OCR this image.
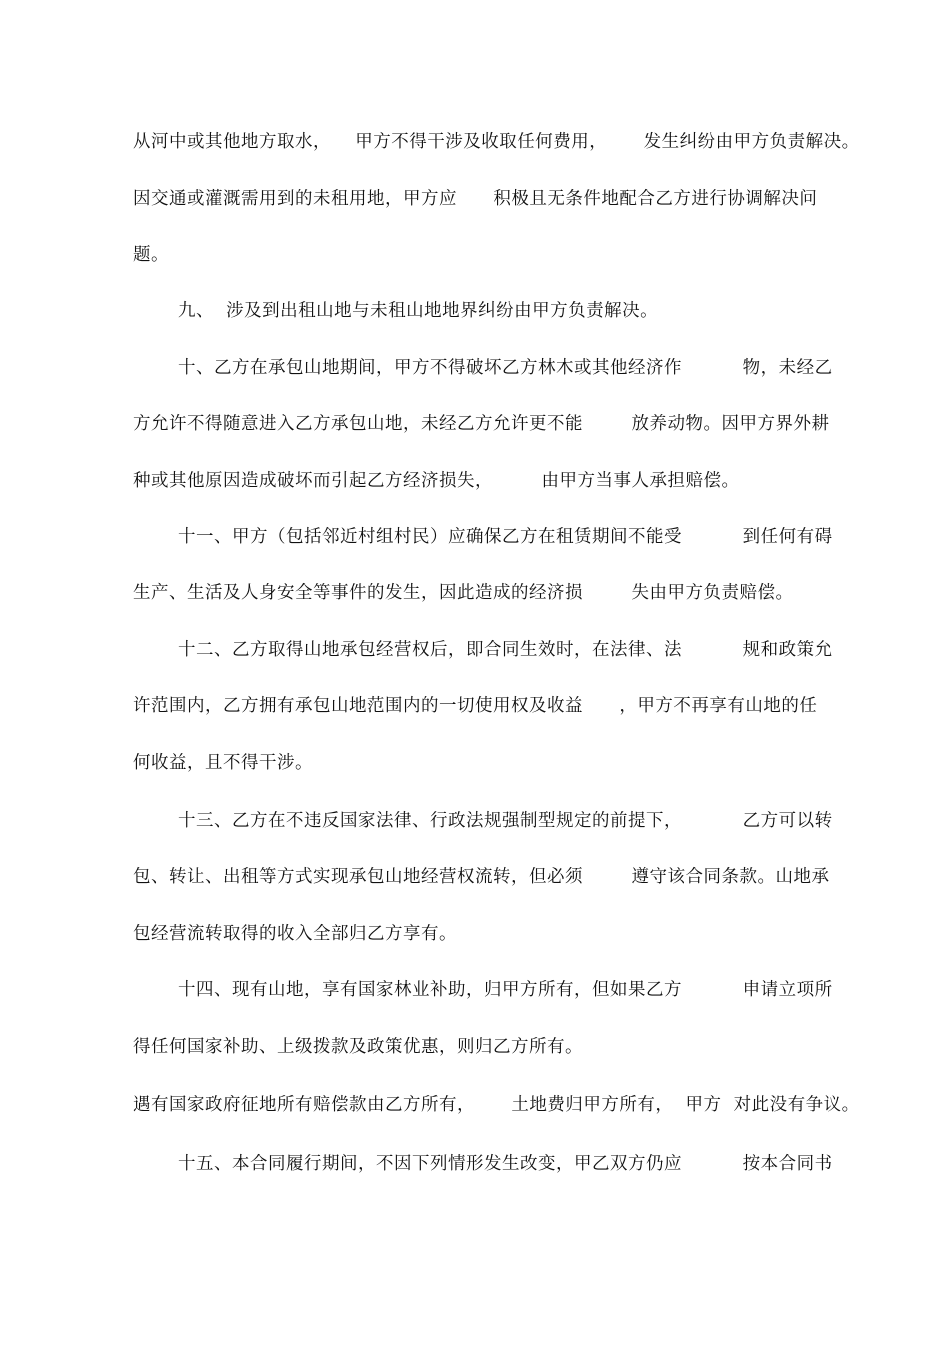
从河中或其他地方取水，    甲方不得干涉及收取任何费用，      发生纠纷由甲方负责解决。
因交通或灌溉需用到的未租用地，甲方应      积极且无条件地配合乙方进行协调解决问
题。
九、  涉及到出租山地与未租山地地界纠纷由甲方负责解决。
十、乙方在承包山地期间，甲方不得破坏乙方林木或其他经济作          物，未经乙
方允许不得随意进入乙方承包山地，未经乙方允许更不能        放养动物。因甲方界外耕
种或其他原因造成破坏而引起乙方经济损失，        由甲方当事人承担赔偿。
十一、甲方（包括邻近村组村民）应确保乙方在租赁期间不能受          到任何有碍
生产、生活及人身安全等事件的发生，因此造成的经济损        失由甲方负责赔偿。
十二、乙方取得山地承包经营权后，即合同生效时，在法律、法          规和政策允
许范围内，乙方拥有承包山地范围内的一切使用权及收益      ，甲方不再享有山地的任
何收益，且不得干涉。
十三、乙方在不违反国家法律、行政法规强制型规定的前提下，          乙方可以转
包、转让、出租等方式实现承包山地经营权流转，但必须        遵守该合同条款。山地承
包经营流转取得的收入全部归乙方享有。
十四、现有山地，享有国家林业补助，归甲方所有，但如果乙方          申请立项所
得任何国家补助、上级拨款及政策优惠，则归乙方所有。
遇有国家政府征地所有赔偿款由乙方所有，      土地费归甲方所有，  甲方  对此没有争议。
十五、本合同履行期间，不因下列情形发生改变，甲乙双方仍应          按本合同书
